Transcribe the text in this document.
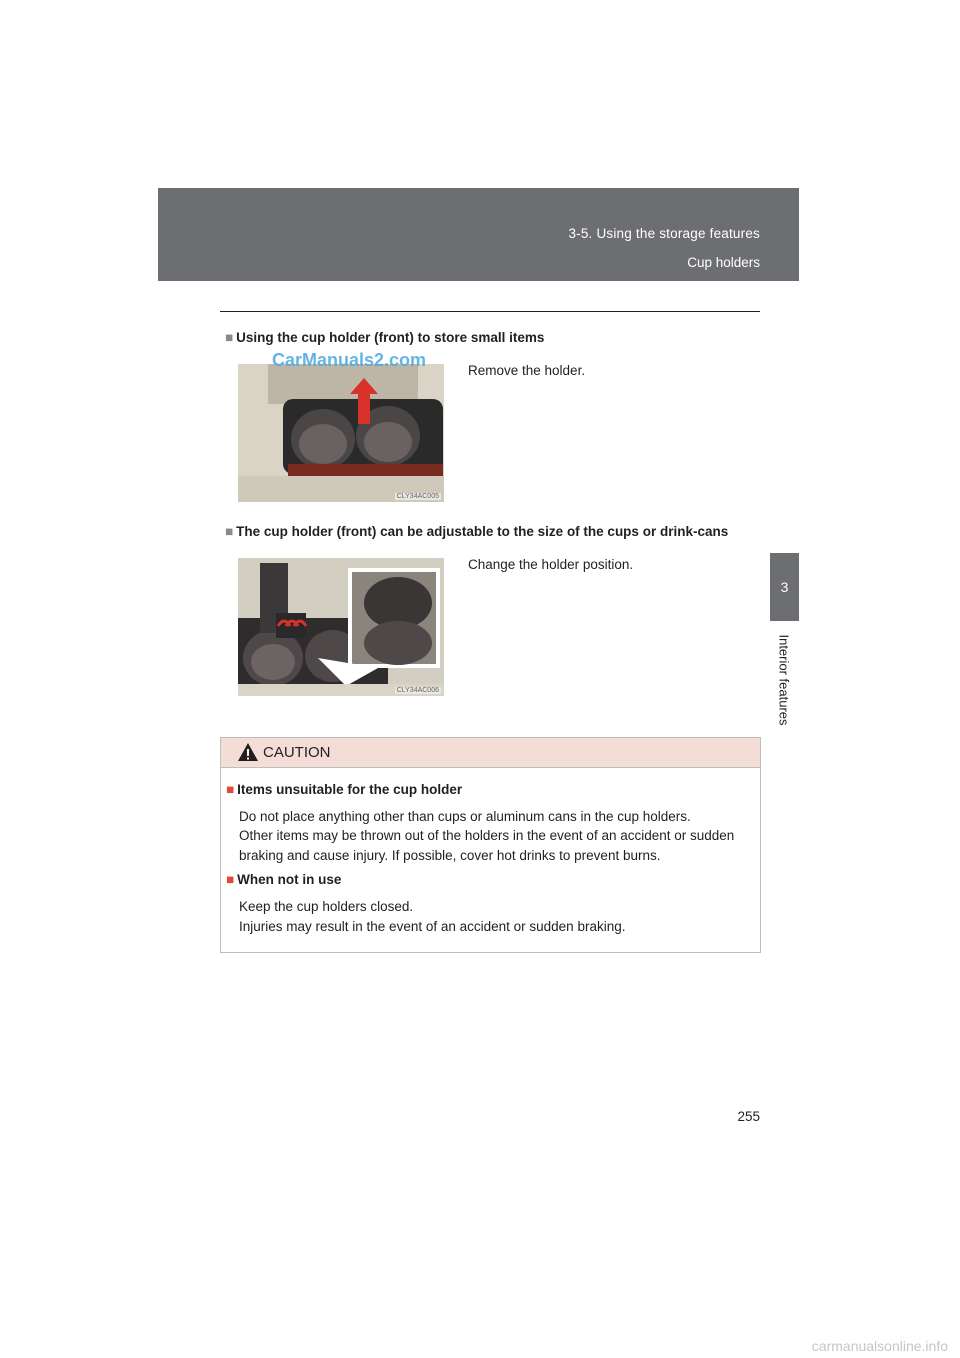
3-5. Using the storage features
Cup holders
3
Interior features
■ Using the cup holder (front) to store small items
CLY34AC005
Remove the holder.
CarManuals2.com
■ The cup holder (front) can be adjustable to the size of the cups or drink-cans
CLY34AC006
Change the holder position.
CAUTION
■ Items unsuitable for the cup holder
Do not place anything other than cups or aluminum cans in the cup holders.
Other items may be thrown out of the holders in the event of an accident or sudden
braking and cause injury. If possible, cover hot drinks to prevent burns.
■ When not in use
Keep the cup holders closed.
Injuries may result in the event of an accident or sudden braking.
255
carmanualsonline.info
